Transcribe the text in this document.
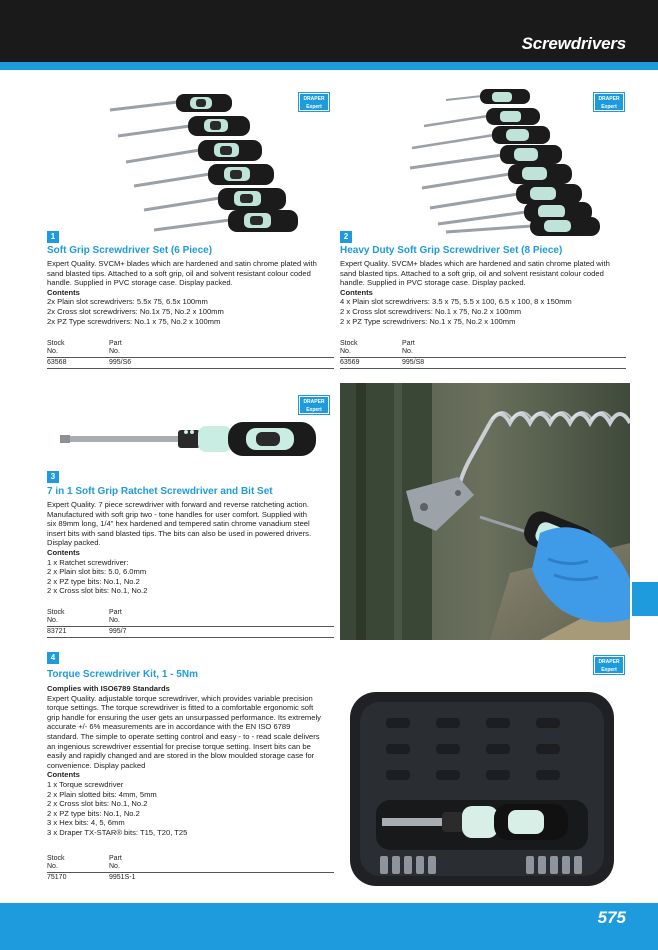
Screwdrivers
DRAPER
Expert
DRAPER
Expert
1
Soft Grip Screwdriver Set (6 Piece)

Expert Quality. SVCM+ blades which are hardened and satin chrome plated with

sand blasted tips. Attached to a soft grip, oil and solvent resistant colour coded

handle. Supplied in PVC storage case. Display packed.

Contents

2x Plain slot screwdrivers: 5.5x 75, 6.5x 100mm

2x Cross slot screwdrivers: No.1x 75, No.2 x 100mm

2x PZ Type screwdrivers: No.1 x 75, No.2 x 100mm

Stock	Part
No.	No.
63568	995/S6
2
Heavy Duty Soft Grip Screwdriver Set (8 Piece)

Expert Quality. SVCM+ blades which are hardened and satin chrome plated with

sand blasted tips. Attached to a soft grip, oil and solvent resistant colour coded

handle. Supplied in PVC storage case. Display packed.

Contents

4 x Plain slot screwdrivers: 3.5 x 75, 5.5 x 100, 6.5 x 100, 8 x 150mm

2 x Cross slot screwdrivers: No.1 x 75, No.2 x 100mm

2 x PZ Type screwdrivers: No.1 x 75, No.2 x 100mm

Stock	Part
No.	No.
63569	995/S8
DRAPER
Expert
3
7 in 1 Soft Grip Ratchet Screwdriver and Bit Set

Expert Quality. 7 piece screwdriver with forward and reverse ratcheting action.

Manufactured with soft grip two - tone handles for user comfort. Supplied with

six 89mm long, 1/4" hex hardened and tempered satin chrome vanadium steel

insert bits with sand blasted tips. The bits can also be used in powered drivers.

Display packed.

Contents

1 x Ratchet screwdriver:

2 x Plain slot bits: 5.0, 6.0mm

2 x PZ type bits: No.1, No.2

2 x Cross slot bits: No.1, No.2

Stock	Part
No.	No.
83721	995/7
4
Torque Screwdriver Kit, 1 - 5Nm

Complies with ISO6789 Standards

Expert Quality. adjustable torque screwdriver, which provides variable precision

torque settings. The torque screwdriver is fitted to a comfortable ergonomic soft

grip handle for ensuring the user gets an unsurpassed performance. Its extremely

accurate +/- 6% measurements are in accordance with the EN ISO 6789

standard. The simple to operate setting control and easy - to - read scale delivers

an ingenious screwdriver essential for precise torque setting. Insert bits can be

easily and rapidly changed and are stored in the blow moulded storage case for

convenience. Display packed

Contents

1 x Torque screwdriver

2 x Plain slotted bits: 4mm, 5mm

2 x Cross slot bits: No.1, No.2

2 x PZ type bits: No.1, No.2

3 x Hex bits: 4, 5, 6mm

3 x Draper TX-STAR® bits: T15, T20, T25

Stock	Part
No.	No.
75170	9951S-1
DRAPER
Expert
575
